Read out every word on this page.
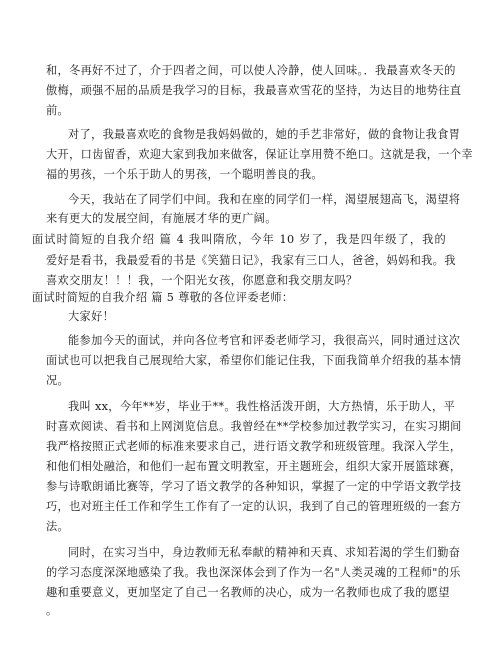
和，冬再好不过了，介于四者之间，可以使人冷静，使人回味。．我最喜欢冬天的
傲梅，顽强不屈的品质是我学习的目标，我最喜欢雪花的坚持，为达目的地势往直
前。
对了，我最喜欢吃的食物是我妈妈做的，她的手艺非常好，做的食物让我食胃
大开，口齿留香，欢迎大家到我加来做客，保证让享用赞不绝口。这就是我，一个幸
福的男孩，一个乐于助人的男孩，一个聪明善良的我。
今天，我站在了同学们中间。我和在座的同学们一样，渴望展翅高飞，渴望将
来有更大的发展空间，有施展才华的更广阔。
面试时简短的自我介绍 篇 4 我叫隋欣，今年 10 岁了，我是四年级了，我的
爱好是看书，我最爱看的书是《笑猫日记》，我家有三口人，爸爸，妈妈和我。我
喜欢交朋友！！！我，一个阳光女孩，你愿意和我交朋友吗？
面试时简短的自我介绍 篇 5 尊敬的各位评委老师：
大家好！
能参加今天的面试，并向各位考官和评委老师学习，我很高兴，同时通过这次
面试也可以把我自己展现给大家，希望你们能记住我，下面我简单介绍我的基本情
况。
我叫 xx，今年**岁，毕业于**。我性格活泼开朗，大方热情，乐于助人，平
时喜欢阅读、看书和上网浏览信息。我曾经在**学校参加过教学实习，在实习期间
我严格按照正式老师的标准来要求自己，进行语文教学和班级管理。我深入学生，
和他们相处融洽，和他们一起布置文明教室，开主题班会，组织大家开展篮球赛，
参与诗歌朗诵比赛等，学习了语文教学的各种知识，掌握了一定的中学语文教学技
巧，也对班主任工作和学生工作有了一定的认识，我到了自己的管理班级的一套方
法。
同时，在实习当中，身边教师无私奉献的精神和天真、求知若渴的学生们勤奋
的学习态度深深地感染了我。我也深深体会到了作为一名"人类灵魂的工程师"的乐
趣和重要意义，更加坚定了自己一名教师的决心，成为一名教师也成了我的愿望
。
